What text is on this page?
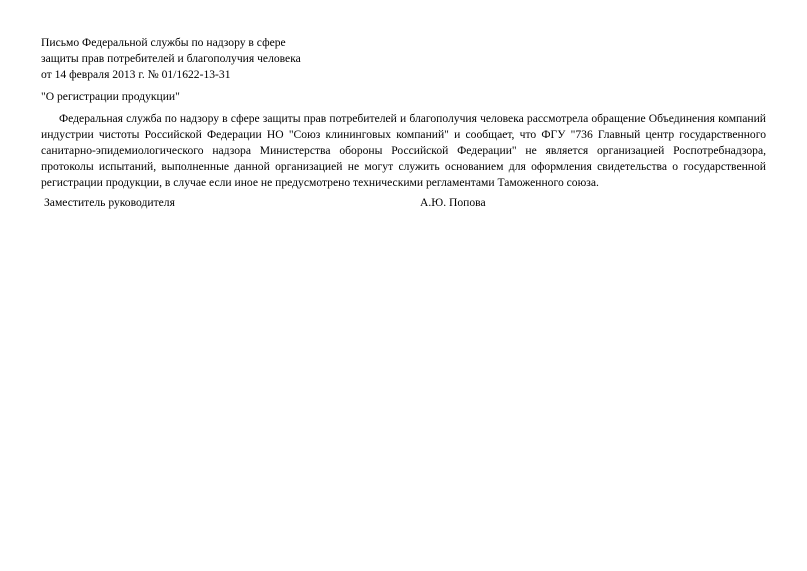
Письмо Федеральной службы по надзору в сфере
защиты прав потребителей и благополучия человека
от 14 февраля 2013 г. № 01/1622-13-31
"О регистрации продукции"

Федеральная служба по надзору в сфере защиты прав потребителей и благополучия человека рассмотрела обращение Объединения компаний индустрии чистоты Российской Федерации НО "Союз клининговых компаний" и сообщает, что ФГУ "736 Главный центр государственного санитарно-эпидемиологического надзора Министерства обороны Российской Федерации" не является организацией Роспотребнадзора, протоколы испытаний, выполненные данной организацией не могут служить основанием для оформления свидетельства о государственной регистрации продукции, в случае если иное не предусмотрено техническими регламентами Таможенного союза.

Заместитель руководителя	А.Ю. Попова
